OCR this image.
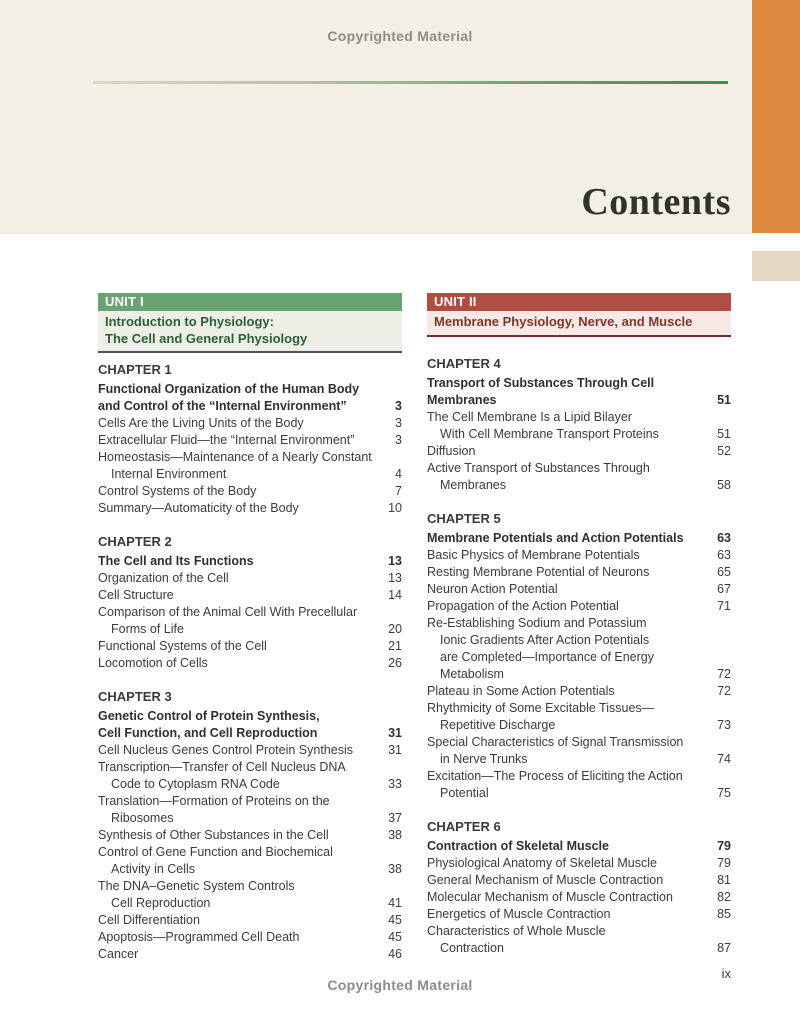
Copyrighted Material
Contents
UNIT I
Introduction to Physiology:
The Cell and General Physiology
CHAPTER 1
Functional Organization of the Human Body
and Control of the “Internal Environment”	3
Cells Are the Living Units of the Body	3
Extracellular Fluid—the “Internal Environment”	3
Homeostasis—Maintenance of a Nearly Constant
Internal Environment	4
Control Systems of the Body	7
Summary—Automaticity of the Body	10
CHAPTER 2
The Cell and Its Functions	13
Organization of the Cell	13
Cell Structure	14
Comparison of the Animal Cell With Precellular
Forms of Life	20
Functional Systems of the Cell	21
Locomotion of Cells	26
CHAPTER 3
Genetic Control of Protein Synthesis,
Cell Function, and Cell Reproduction	31
Cell Nucleus Genes Control Protein Synthesis	31
Transcription—Transfer of Cell Nucleus DNA
Code to Cytoplasm RNA Code	33
Translation—Formation of Proteins on the
Ribosomes	37
Synthesis of Other Substances in the Cell	38
Control of Gene Function and Biochemical
Activity in Cells	38
The DNA–Genetic System Controls
Cell Reproduction	41
Cell Differentiation	45
Apoptosis—Programmed Cell Death	45
Cancer	46
UNIT II
Membrane Physiology, Nerve, and Muscle
CHAPTER 4
Transport of Substances Through Cell
Membranes	51
The Cell Membrane Is a Lipid Bilayer
With Cell Membrane Transport Proteins	51
Diffusion	52
Active Transport of Substances Through
Membranes	58
CHAPTER 5
Membrane Potentials and Action Potentials	63
Basic Physics of Membrane Potentials	63
Resting Membrane Potential of Neurons	65
Neuron Action Potential	67
Propagation of the Action Potential	71
Re-Establishing Sodium and Potassium
Ionic Gradients After Action Potentials
are Completed—Importance of Energy
Metabolism	72
Plateau in Some Action Potentials	72
Rhythmicity of Some Excitable Tissues—
Repetitive Discharge	73
Special Characteristics of Signal Transmission
in Nerve Trunks	74
Excitation—The Process of Eliciting the Action
Potential	75
CHAPTER 6
Contraction of Skeletal Muscle	79
Physiological Anatomy of Skeletal Muscle	79
General Mechanism of Muscle Contraction	81
Molecular Mechanism of Muscle Contraction	82
Energetics of Muscle Contraction	85
Characteristics of Whole Muscle
Contraction	87
ix
Copyrighted Material
